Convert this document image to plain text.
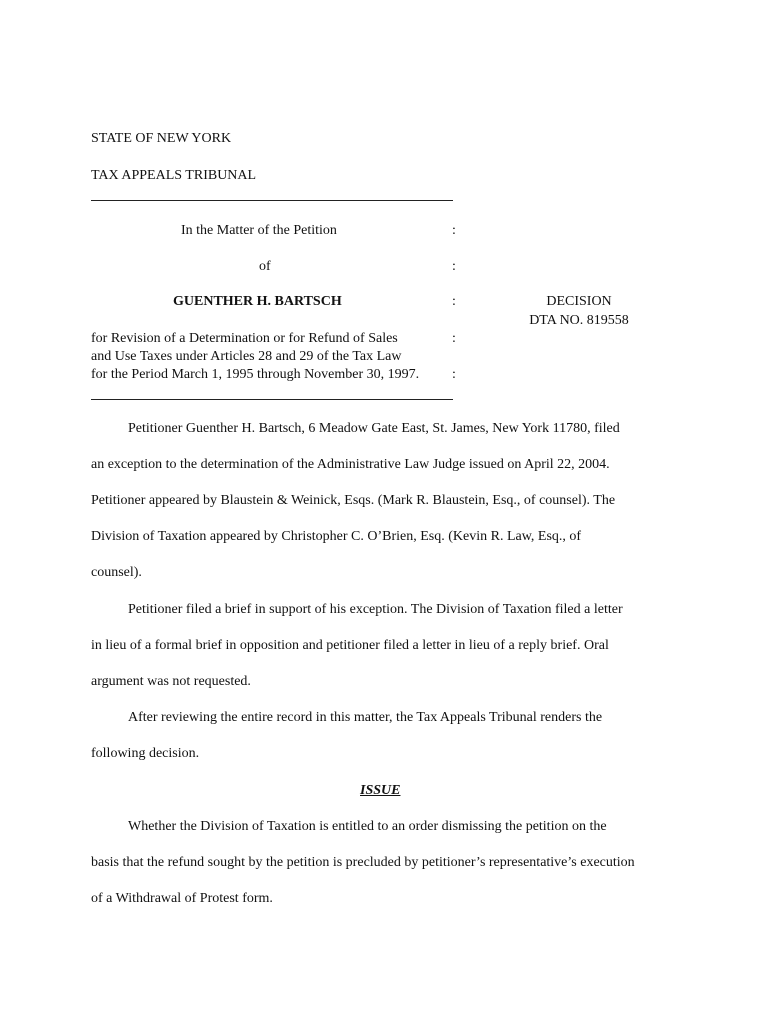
STATE OF NEW YORK
TAX APPEALS TRIBUNAL
In the Matter of the Petition	:
of	:
GUENTHER H. BARTSCH	:
for Revision of a Determination or for Refund of Sales	:
and Use Taxes under Articles 28 and 29 of the Tax Law
for the Period March 1, 1995 through November 30, 1997. :
DECISION
DTA NO. 819558
Petitioner Guenther H. Bartsch, 6 Meadow Gate East, St. James, New York 11780, filed
an exception to the determination of the Administrative Law Judge issued on April 22, 2004.
Petitioner appeared by Blaustein & Weinick, Esqs. (Mark R. Blaustein, Esq., of counsel). The
Division of Taxation appeared by Christopher C. O’Brien, Esq. (Kevin R. Law, Esq., of
counsel).
Petitioner filed a brief in support of his exception. The Division of Taxation filed a letter
in lieu of a formal brief in opposition and petitioner filed a letter in lieu of a reply brief. Oral
argument was not requested.
After reviewing the entire record in this matter, the Tax Appeals Tribunal renders the
following decision.
ISSUE
Whether the Division of Taxation is entitled to an order dismissing the petition on the
basis that the refund sought by the petition is precluded by petitioner’s representative’s execution
of a Withdrawal of Protest form.
